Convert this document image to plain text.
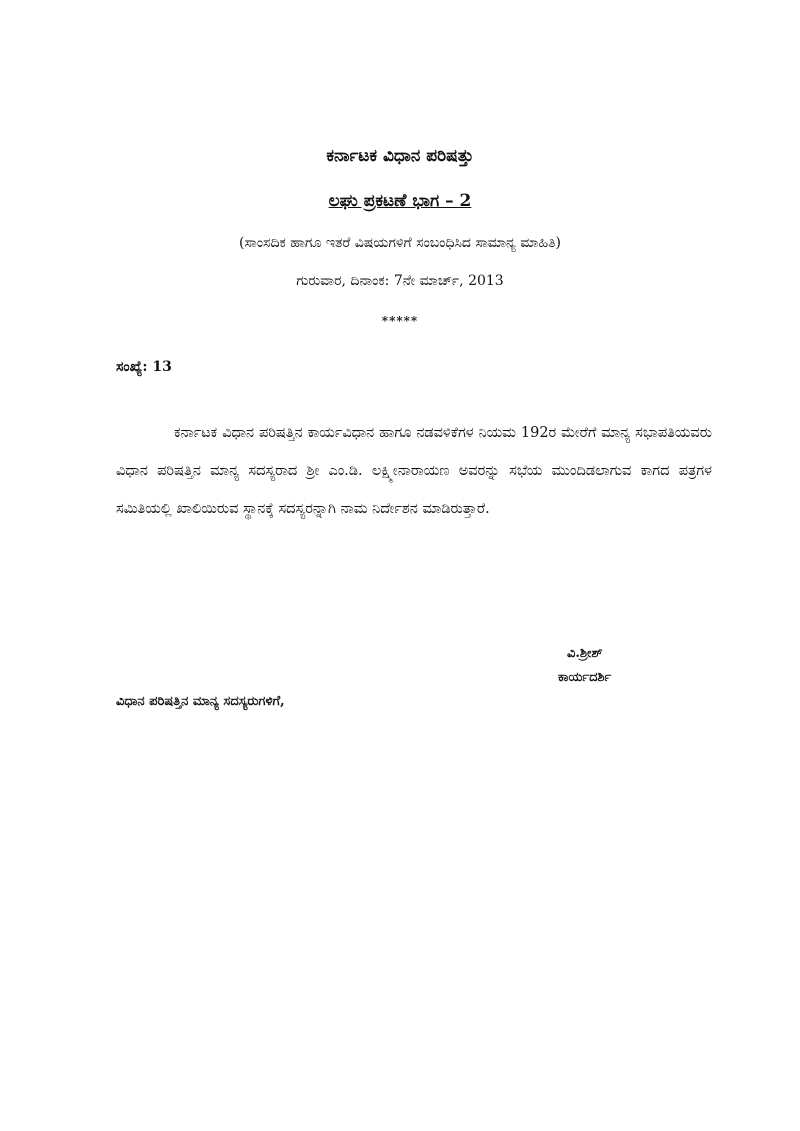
ಕರ್ನಾಟಕ ವಿಧಾನ ಪರಿಷತ್ತು
ಲಘು ಪ್ರಕಟಣೆ ಭಾಗ – 2
(ಸಾಂಸದಿಕ ಹಾಗೂ ಇತರೆ ವಿಷಯಗಳಿಗೆ ಸಂಬಂಧಿಸಿದ ಸಾಮಾನ್ಯ ಮಾಹಿತಿ)
ಗುರುವಾರ, ದಿನಾಂಕ: 7ನೇ ಮಾರ್ಚ್, 2013
*****
ಸಂಖ್ಯೆ: 13

ಕರ್ನಾಟಕ ವಿಧಾನ ಪರಿಷತ್ತಿನ ಕಾರ್ಯವಿಧಾನ ಹಾಗೂ ನಡವಳಿಕೆಗಳ ನಿಯಮ 192ರ ಮೇರೆಗೆ ಮಾನ್ಯ ಸಭಾಪತಿಯವರು ವಿಧಾನ ಪರಿಷತ್ತಿನ ಮಾನ್ಯ ಸದಸ್ಯರಾದ ಶ್ರೀ ಎಂ.ಡಿ. ಲಕ್ಷ್ಮೀನಾರಾಯಣ ಅವರನ್ನು ಸಭೆಯ ಮುಂದಿಡಲಾಗುವ ಕಾಗದ ಪತ್ರಗಳ ಸಮಿತಿಯಲ್ಲಿ ಖಾಲಿಯಿರುವ ಸ್ಥಾನಕ್ಕೆ ಸದಸ್ಯರನ್ನಾಗಿ ನಾಮ ನಿರ್ದೇಶನ ಮಾಡಿರುತ್ತಾರೆ.

ವಿ.ಶ್ರೀಶ್
ಕಾರ್ಯದರ್ಶಿ
ವಿಧಾನ ಪರಿಷತ್ತಿನ ಮಾನ್ಯ ಸದಸ್ಯರುಗಳಿಗೆ,
